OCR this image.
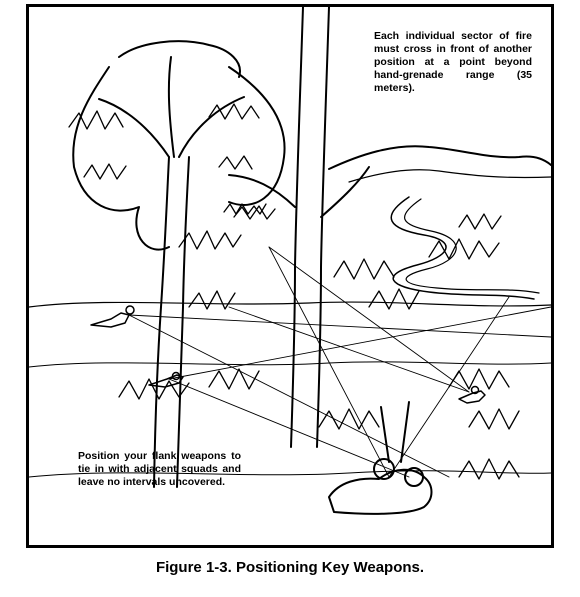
Each individual sector of fire must cross in front of another position at a point beyond hand-grenade range (35 meters).

Position your flank weapons to tie in with adjacent squads and leave no intervals uncovered.

Figure 1-3. Positioning Key Weapons.
